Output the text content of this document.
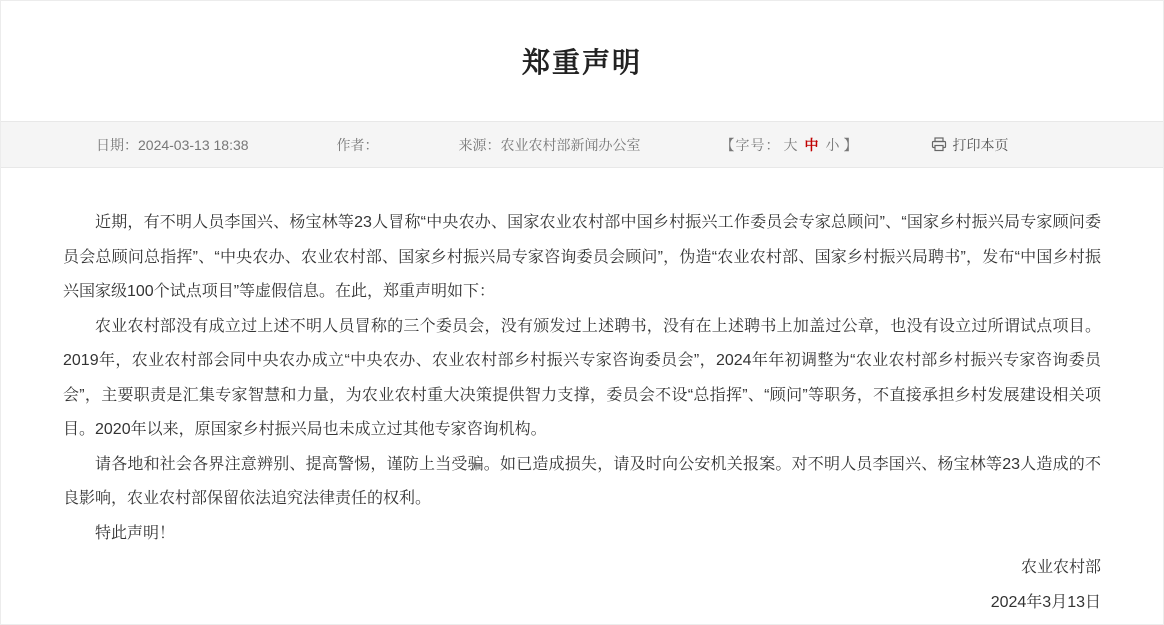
郑重声明
日期： 2024-03-13 18:38	作者：	来源： 农业农村部新闻办公室	【字号： 大 中 小 】	打印本页

近期，有不明人员李国兴、杨宝林等23人冒称“中央农办、国家农业农村部中国乡村振兴工作委员会专家总顾问”、“国家乡村振兴局专家顾问委员会总顾问总指挥”、“中央农办、农业农村部、国家乡村振兴局专家咨询委员会顾问”，伪造“农业农村部、国家乡村振兴局聘书”，发布“中国乡村振兴国家级100个试点项目”等虚假信息。在此，郑重声明如下：

农业农村部没有成立过上述不明人员冒称的三个委员会，没有颁发过上述聘书，没有在上述聘书上加盖过公章，也没有设立过所谓试点项目。2019年，农业农村部会同中央农办成立“中央农办、农业农村部乡村振兴专家咨询委员会”，2024年年初调整为“农业农村部乡村振兴专家咨询委员会”，主要职责是汇集专家智慧和力量，为农业农村重大决策提供智力支撑，委员会不设“总指挥”、“顾问”等职务，不直接承担乡村发展建设相关项目。2020年以来，原国家乡村振兴局也未成立过其他专家咨询机构。

请各地和社会各界注意辨别、提高警惕，谨防上当受骗。如已造成损失，请及时向公安机关报案。对不明人员李国兴、杨宝林等23人造成的不良影响，农业农村部保留依法追究法律责任的权利。

特此声明！

农业农村部
2024年3月13日
